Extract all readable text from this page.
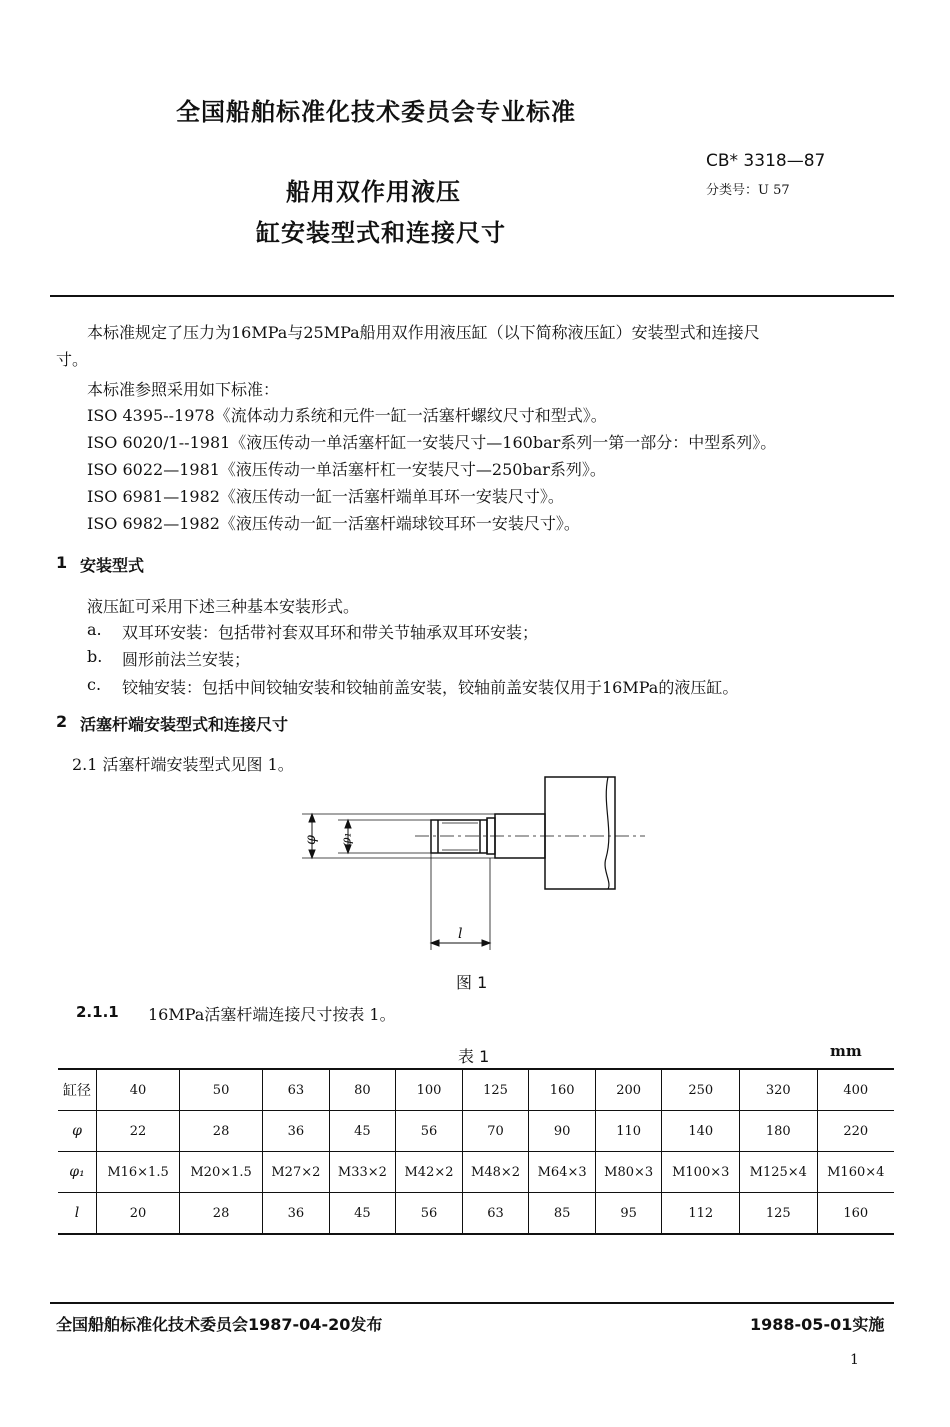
全国船舶标准化技术委员会专业标准
船用双作用液压
缸安装型式和连接尺寸
CB* 3318—87
分类号：U 57
本标准规定了压力为16MPa与25MPa船用双作用液压缸（以下简称液压缸）安装型式和连接尺
寸。
本标准参照采用如下标准：
ISO 4395--1978《流体动力系统和元件一缸一活塞杆螺纹尺寸和型式》。
ISO 6020/1--1981《液压传动一单活塞杆缸一安装尺寸—160bar系列一第一部分：中型系列》。
ISO 6022—1981《液压传动一单活塞杆杠一安装尺寸—250bar系列》。
ISO 6981—1982《液压传动一缸一活塞杆端单耳环一安装尺寸》。
ISO 6982—1982《液压传动一缸一活塞杆端球铰耳环一安装尺寸》。
1 安装型式
液压缸可采用下述三种基本安装形式。
a. 双耳环安装：包括带衬套双耳环和带关节轴承双耳环安装；
b. 圆形前法兰安装；
c. 铰轴安装：包括中间铰轴安装和铰轴前盖安装，铰轴前盖安装仅用于16MPa的液压缸。
2 活塞杆端安装型式和连接尺寸
2.1 活塞杆端安装型式见图 1。
φ φ₁
l
图 1
2.1.1 16MPa活塞杆端连接尺寸按表 1。
表 1	mm
缸径	40	50	63	80	100	125	160	200	250	320	400
φ	22	28	36	45	56	70	90	110	140	180	220
φ₁	M16×1.5	M20×1.5	M27×2	M33×2	M42×2	M48×2	M64×3	M80×3	M100×3	M125×4	M160×4
l	20	28	36	45	56	63	85	95	112	125	160
全国船舶标准化技术委员会1987-04-20发布	1988-05-01实施
1
